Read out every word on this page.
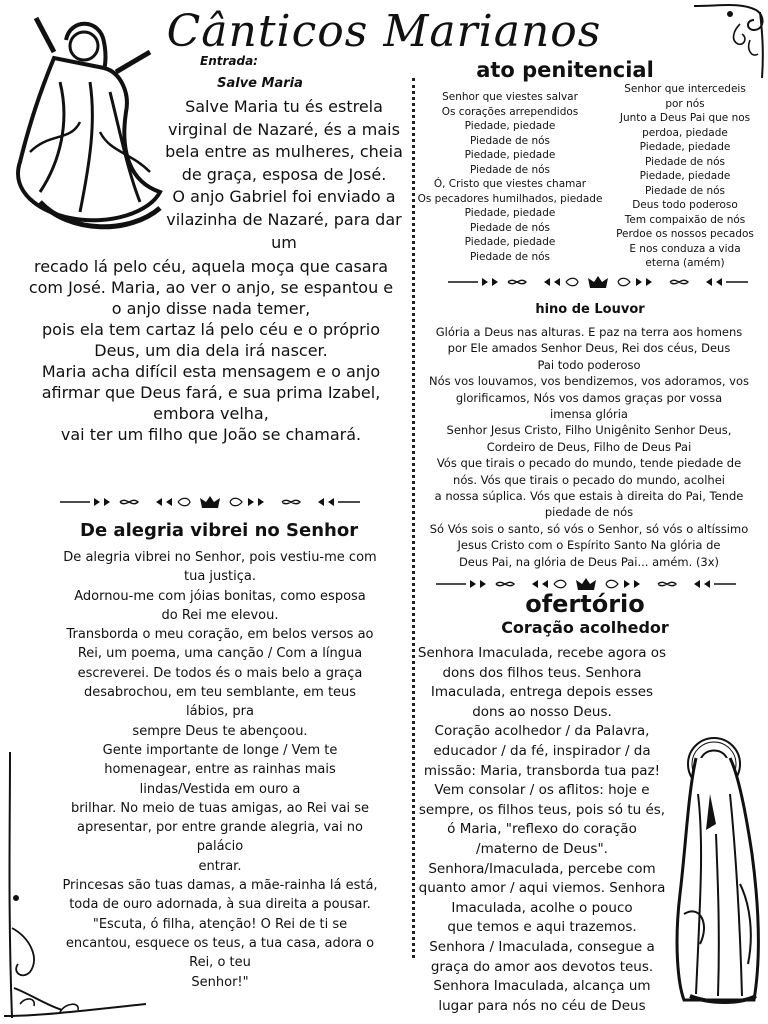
Cânticos Marianos
Entrada:
Salve Maria

Salve Maria tu és estrela

virginal de Nazaré, és a mais

bela entre as mulheres, cheia

de graça, esposa de José.

O anjo Gabriel foi enviado a

vilazinha de Nazaré, para dar

um

recado lá pelo céu, aquela moça que casara

com José. Maria, ao ver o anjo, se espantou e

o anjo disse nada temer,

pois ela tem cartaz lá pelo céu e o próprio

Deus, um dia dela irá nascer.

Maria acha difícil esta mensagem e o anjo

afirmar que Deus fará, e sua prima Izabel,

embora velha,

vai ter um filho que João se chamará.

De alegria vibrei no Senhor

De alegria vibrei no Senhor, pois vestiu-me com

tua justiça.

Adornou-me com jóias bonitas, como esposa

do Rei me elevou.

Transborda o meu coração, em belos versos ao

Rei, um poema, uma canção / Com a língua

escreverei. De todos és o mais belo a graça

desabrochou, em teu semblante, em teus

lábios, pra

sempre Deus te abençoou.

Gente importante de longe / Vem te

homenagear, entre as rainhas mais

lindas/Vestida em ouro a

brilhar. No meio de tuas amigas, ao Rei vai se

apresentar, por entre grande alegria, vai no

palácio

entrar.

Princesas são tuas damas, a mãe-rainha lá está,

toda de ouro adornada, à sua direita a pousar.

"Escuta, ó filha, atenção! O Rei de ti se

encantou, esquece os teus, a tua casa, adora o

Rei, o teu

Senhor!"

ato penitencial

Senhor que viestes salvar

Os corações arrependidos

Piedade, piedade

Piedade de nós

Piedade, piedade

Piedade de nós

Ó, Cristo que viestes chamar

Os pecadores humilhados, piedade

Piedade, piedade

Piedade de nós

Piedade, piedade

Piedade de nós

Senhor que intercedeis

por nós

Junto a Deus Pai que nos

perdoa, piedade

Piedade, piedade

Piedade de nós

Piedade, piedade

Piedade de nós

Deus todo poderoso

Tem compaixão de nós

Perdoe os nossos pecados

E nos conduza a vida

eterna (amém)

hino de Louvor

Glória a Deus nas alturas. E paz na terra aos homens

por Ele amados Senhor Deus, Rei dos céus, Deus

Pai todo poderoso

Nós vos louvamos, vos bendizemos, vos adoramos, vos

glorificamos, Nós vos damos graças por vossa

imensa glória

Senhor Jesus Cristo, Filho Unigênito Senhor Deus,

Cordeiro de Deus, Filho de Deus Pai

Vós que tirais o pecado do mundo, tende piedade de

nós. Vós que tirais o pecado do mundo, acolhei

a nossa súplica. Vós que estais à direita do Pai, Tende

piedade de nós

Só Vós sois o santo, só vós o Senhor, só vós o altíssimo

Jesus Cristo com o Espírito Santo Na glória de

Deus Pai, na glória de Deus Pai... amém. (3x)

ofertório
Coração acolhedor

Senhora Imaculada, recebe agora os

dons dos filhos teus. Senhora

Imaculada, entrega depois esses

dons ao nosso Deus.

Coração acolhedor / da Palavra,

educador / da fé, inspirador / da

missão: Maria, transborda tua paz!

Vem consolar / os aflitos: hoje e

sempre, os filhos teus, pois só tu és,

ó Maria, "reflexo do coração

/materno de Deus".

Senhora/Imaculada, percebe com

quanto amor / aqui viemos. Senhora

Imaculada, acolhe o pouco

que temos e aqui trazemos.

Senhora / Imaculada, consegue a

graça do amor aos devotos teus.

Senhora Imaculada, alcança um

lugar para nós no céu de Deus
